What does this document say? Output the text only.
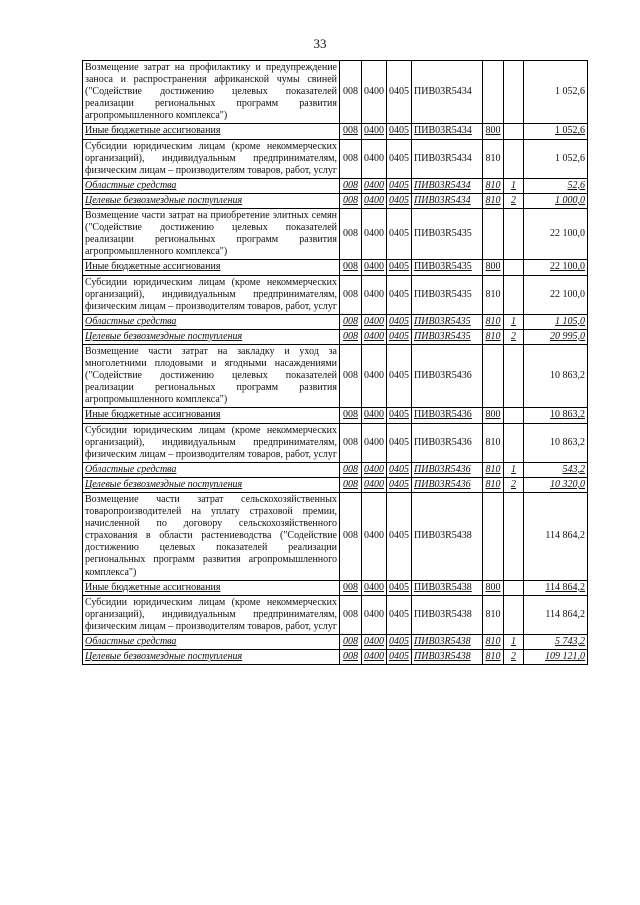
33
Возмещение затрат на профилактику и предупреждение заноса и распространения африканской чумы свиней ("Содействие достижению целевых показателей реализации региональных программ развития агропромышленного комплекса")	008	0400	0405	ПИВ03R5434			1 052,6
Иные бюджетные ассигнования	008	0400	0405	ПИВ03R5434	800		1 052,6
Субсидии юридическим лицам (кроме некоммерческих организаций), индивидуальным предпринимателям, физическим лицам – производителям товаров, работ, услуг	008	0400	0405	ПИВ03R5434	810		1 052,6
Областные средства	008	0400	0405	ПИВ03R5434	810	1	52,6
Целевые безвозмездные поступления	008	0400	0405	ПИВ03R5434	810	2	1 000,0
Возмещение части затрат на приобретение элитных семян ("Содействие достижению целевых показателей реализации региональных программ развития агропромышленного комплекса")	008	0400	0405	ПИВ03R5435			22 100,0
Иные бюджетные ассигнования	008	0400	0405	ПИВ03R5435	800		22 100,0
Субсидии юридическим лицам (кроме некоммерческих организаций), индивидуальным предпринимателям, физическим лицам – производителям товаров, работ, услуг	008	0400	0405	ПИВ03R5435	810		22 100,0
Областные средства	008	0400	0405	ПИВ03R5435	810	1	1 105,0
Целевые безвозмездные поступления	008	0400	0405	ПИВ03R5435	810	2	20 995,0
Возмещение части затрат на закладку и уход за многолетними плодовыми и ягодными насаждениями ("Содействие достижению целевых показателей реализации региональных программ развития агропромышленного комплекса")	008	0400	0405	ПИВ03R5436			10 863,2
Иные бюджетные ассигнования	008	0400	0405	ПИВ03R5436	800		10 863,2
Субсидии юридическим лицам (кроме некоммерческих организаций), индивидуальным предпринимателям, физическим лицам – производителям товаров, работ, услуг	008	0400	0405	ПИВ03R5436	810		10 863,2
Областные средства	008	0400	0405	ПИВ03R5436	810	1	543,2
Целевые безвозмездные поступления	008	0400	0405	ПИВ03R5436	810	2	10 320,0
Возмещение части затрат сельскохозяйственных товаропроизводителей на уплату страховой премии, начисленной по договору сельскохозяйственного страхования в области растениеводства ("Содействие достижению целевых показателей реализации региональных программ развития агропромышленного комплекса")	008	0400	0405	ПИВ03R5438			114 864,2
Иные бюджетные ассигнования	008	0400	0405	ПИВ03R5438	800		114 864,2
Субсидии юридическим лицам (кроме некоммерческих организаций), индивидуальным предпринимателям, физическим лицам – производителям товаров, работ, услуг	008	0400	0405	ПИВ03R5438	810		114 864,2
Областные средства	008	0400	0405	ПИВ03R5438	810	1	5 743,2
Целевые безвозмездные поступления	008	0400	0405	ПИВ03R5438	810	2	109 121,0
